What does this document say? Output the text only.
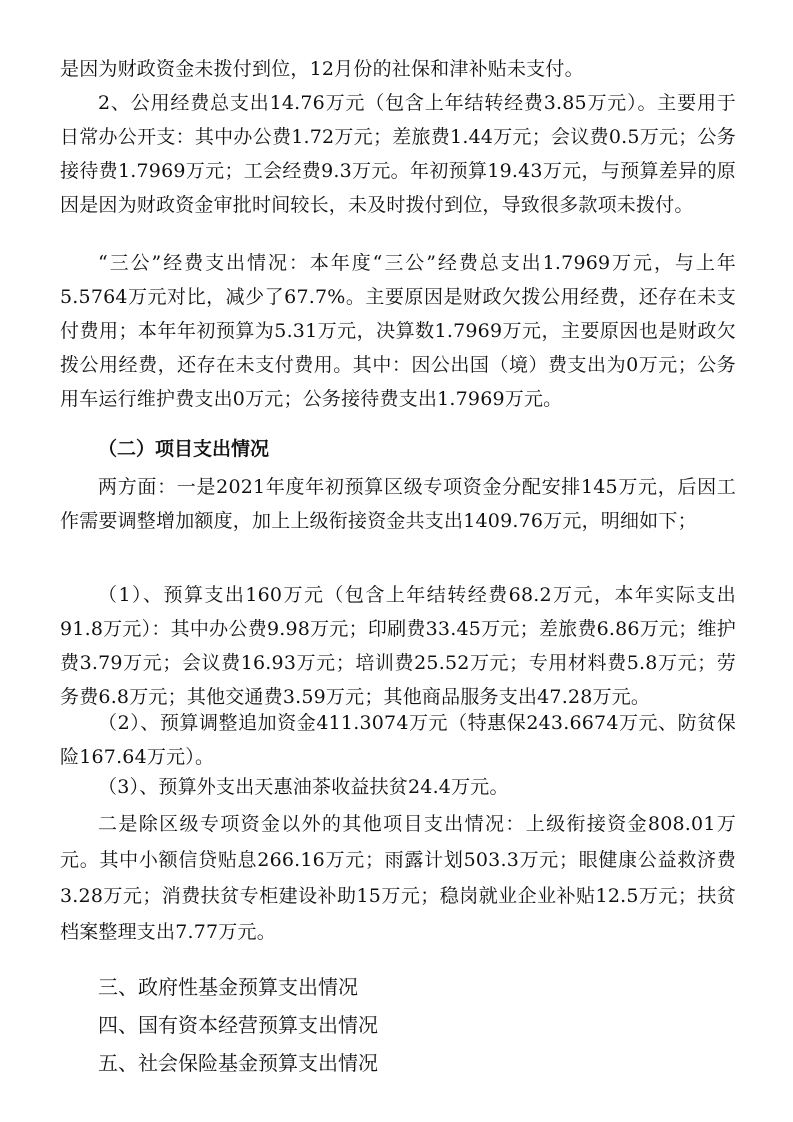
是因为财政资金未拨付到位，12月份的社保和津补贴未支付。

2、公用经费总支出14.76万元（包含上年结转经费3.85万元）。主要用于日常办公开支：其中办公费1.72万元；差旅费1.44万元；会议费0.5万元；公务接待费1.7969万元；工会经费9.3万元。年初预算19.43万元，与预算差异的原因是因为财政资金审批时间较长，未及时拨付到位，导致很多款项未拨付。

“三公”经费支出情况：本年度“三公”经费总支出1.7969万元，与上年5.5764万元对比，减少了67.7%。主要原因是财政欠拨公用经费，还存在未支付费用；本年年初预算为5.31万元，决算数1.7969万元，主要原因也是财政欠拨公用经费，还存在未支付费用。其中：因公出国（境）费支出为0万元；公务用车运行维护费支出0万元；公务接待费支出1.7969万元。

（二）项目支出情况

两方面：一是2021年度年初预算区级专项资金分配安排145万元，后因工作需要调整增加额度，加上上级衔接资金共支出1409.76万元，明细如下；

（1）、预算支出160万元（包含上年结转经费68.2万元，本年实际支出91.8万元）：其中办公费9.98万元；印刷费33.45万元；差旅费6.86万元；维护费3.79万元；会议费16.93万元；培训费25.52万元；专用材料费5.8万元；劳务费6.8万元；其他交通费3.59万元；其他商品服务支出47.28万元。

（2）、预算调整追加资金411.3074万元（特惠保243.6674万元、防贫保险167.64万元）。

（3）、预算外支出天惠油茶收益扶贫24.4万元。

二是除区级专项资金以外的其他项目支出情况：上级衔接资金808.01万元。其中小额信贷贴息266.16万元；雨露计划503.3万元；眼健康公益救济费3.28万元；消费扶贫专柜建设补助15万元；稳岗就业企业补贴12.5万元；扶贫档案整理支出7.77万元。

三、政府性基金预算支出情况
四、国有资本经营预算支出情况
五、社会保险基金预算支出情况
